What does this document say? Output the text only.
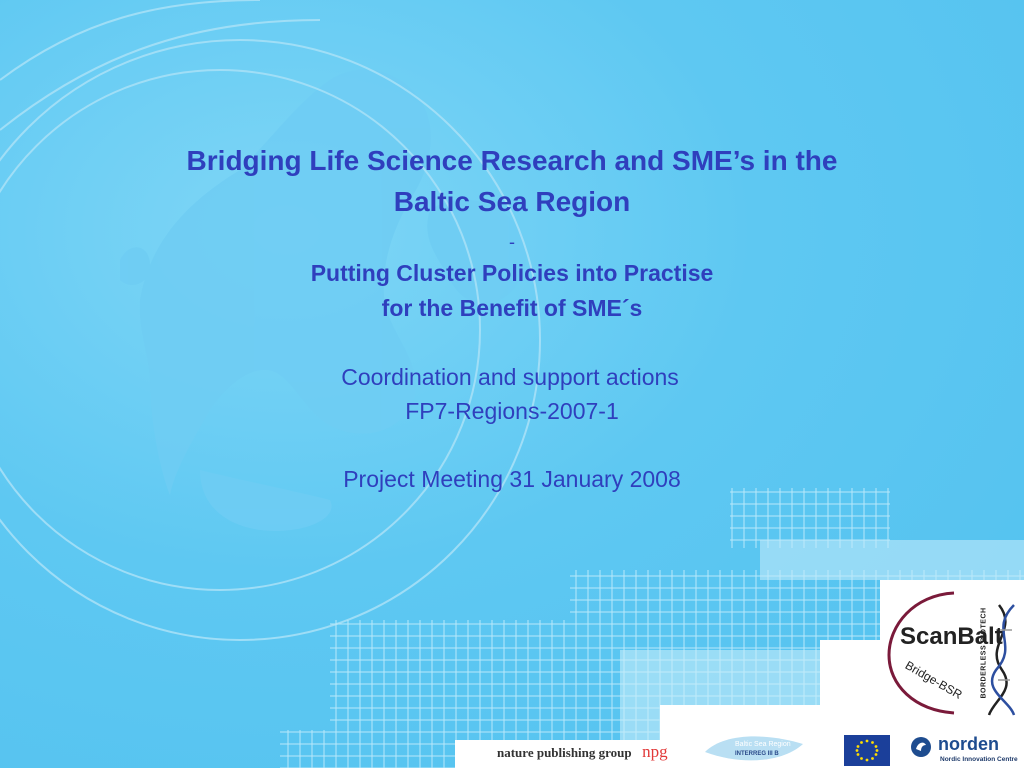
Bridging Life Science Research and SME’s in the
Baltic Sea Region
-
Putting Cluster Policies into Practise
for the Benefit of SME´s
Coordination and support actions
FP7-Regions-2007-1
Project Meeting 31 January 2008
ScanBalt
BORDERLESS BIOTECH
Bridge-BSR
nature publishing group npg	Baltic Sea Region
INTERREG III B	norden
Nordic Innovation Centre
